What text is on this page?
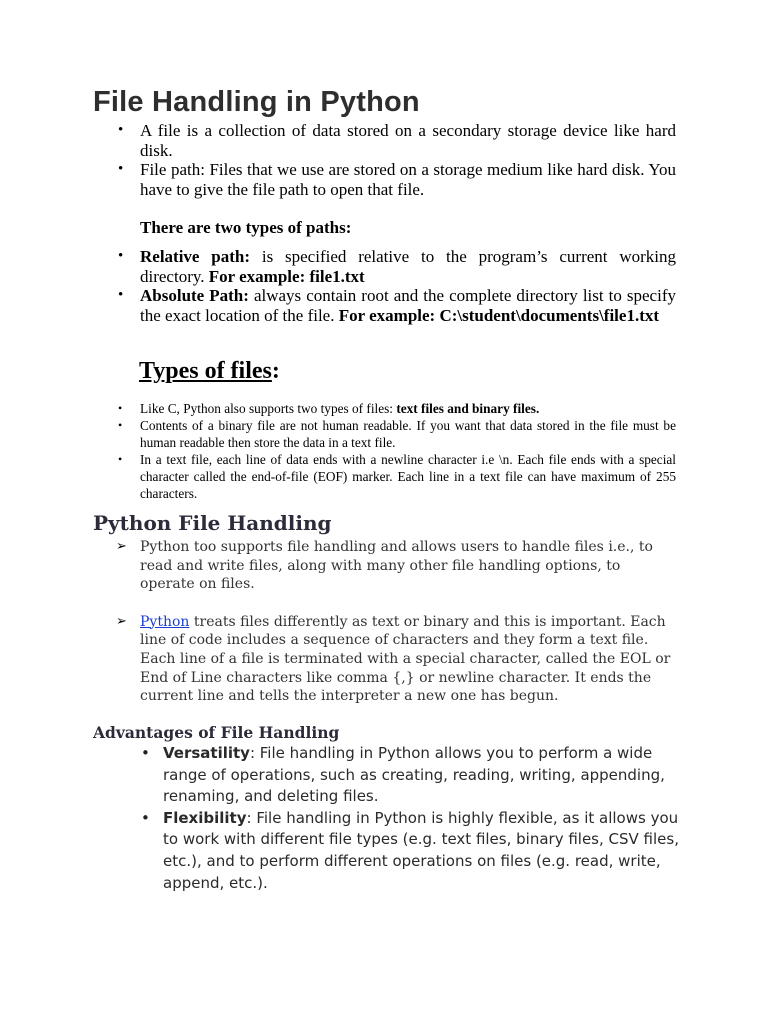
File Handling in Python
• A file is a collection of data stored on a secondary storage device like hard disk.
• File path: Files that we use are stored on a storage medium like hard disk. You have to give the file path to open that file.

There are two types of paths:

• Relative path: is specified relative to the program’s current working directory. For example: file1.txt
• Absolute Path: always contain root and the complete directory list to specify the exact location of the file. For example: C:\student\documents\file1.txt
Types of files:
• Like C, Python also supports two types of files: text files and binary files.
• Contents of a binary file are not human readable. If you want that data stored in the file must be human readable then store the data in a text file.
• In a text file, each line of data ends with a newline character i.e \n. Each file ends with a special character called the end-of-file (EOF) marker. Each line in a text file can have maximum of 255 characters.
Python File Handling
➢ Python too supports file handling and allows users to handle files i.e., to read and write files, along with many other file handling options, to operate on files.
➢ Python treats files differently as text or binary and this is important. Each line of code includes a sequence of characters and they form a text file. Each line of a file is terminated with a special character, called the EOL or End of Line characters like comma {,} or newline character. It ends the current line and tells the interpreter a new one has begun.
Advantages of File Handling
• Versatility: File handling in Python allows you to perform a wide range of operations, such as creating, reading, writing, appending, renaming, and deleting files.
• Flexibility: File handling in Python is highly flexible, as it allows you to work with different file types (e.g. text files, binary files, CSV files, etc.), and to perform different operations on files (e.g. read, write, append, etc.).
